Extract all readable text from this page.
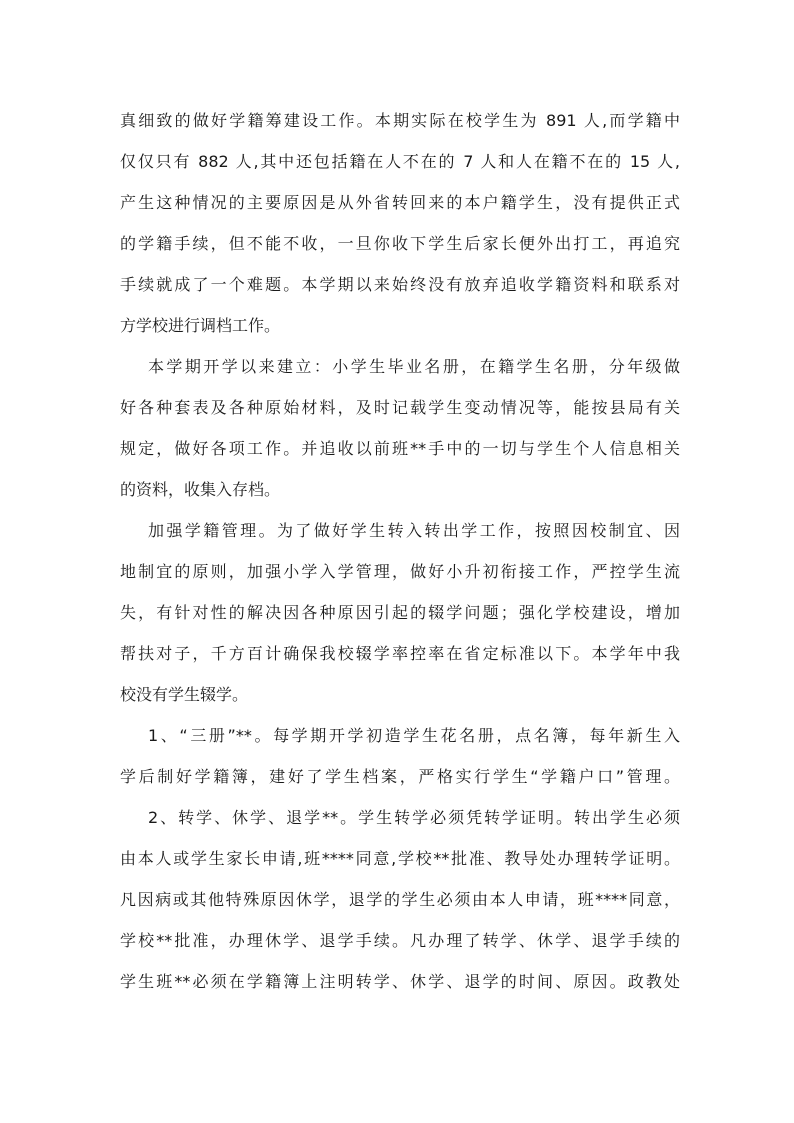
真细致的做好学籍筹建设工作。本期实际在校学生为 891 人,而学籍中
仅仅只有 882 人,其中还包括籍在人不在的 7 人和人在籍不在的 15 人,
产生这种情况的主要原因是从外省转回来的本户籍学生，没有提供正式
的学籍手续，但不能不收，一旦你收下学生后家长便外出打工，再追究
手续就成了一个难题。本学期以来始终没有放弃追收学籍资料和联系对
方学校进行调档工作。
本学期开学以来建立：小学生毕业名册，在籍学生名册，分年级做
好各种套表及各种原始材料，及时记载学生变动情况等，能按县局有关
规定，做好各项工作。并追收以前班**手中的一切与学生个人信息相关
的资料，收集入存档。
加强学籍管理。为了做好学生转入转出学工作，按照因校制宜、因
地制宜的原则，加强小学入学管理，做好小升初衔接工作，严控学生流
失，有针对性的解决因各种原因引起的辍学问题；强化学校建设，增加
帮扶对子，千方百计确保我校辍学率控率在省定标准以下。本学年中我
校没有学生辍学。
1、“三册”**。每学期开学初造学生花名册，点名簿，每年新生入
学后制好学籍簿，建好了学生档案，严格实行学生“学籍户口”管理。
2、转学、休学、退学**。学生转学必须凭转学证明。转出学生必须
由本人或学生家长申请,班****同意,学校**批准、教导处办理转学证明。
凡因病或其他特殊原因休学，退学的学生必须由本人申请，班****同意，
学校**批准，办理休学、退学手续。凡办理了转学、休学、退学手续的
学生班**必须在学籍簿上注明转学、休学、退学的时间、原因。政教处
